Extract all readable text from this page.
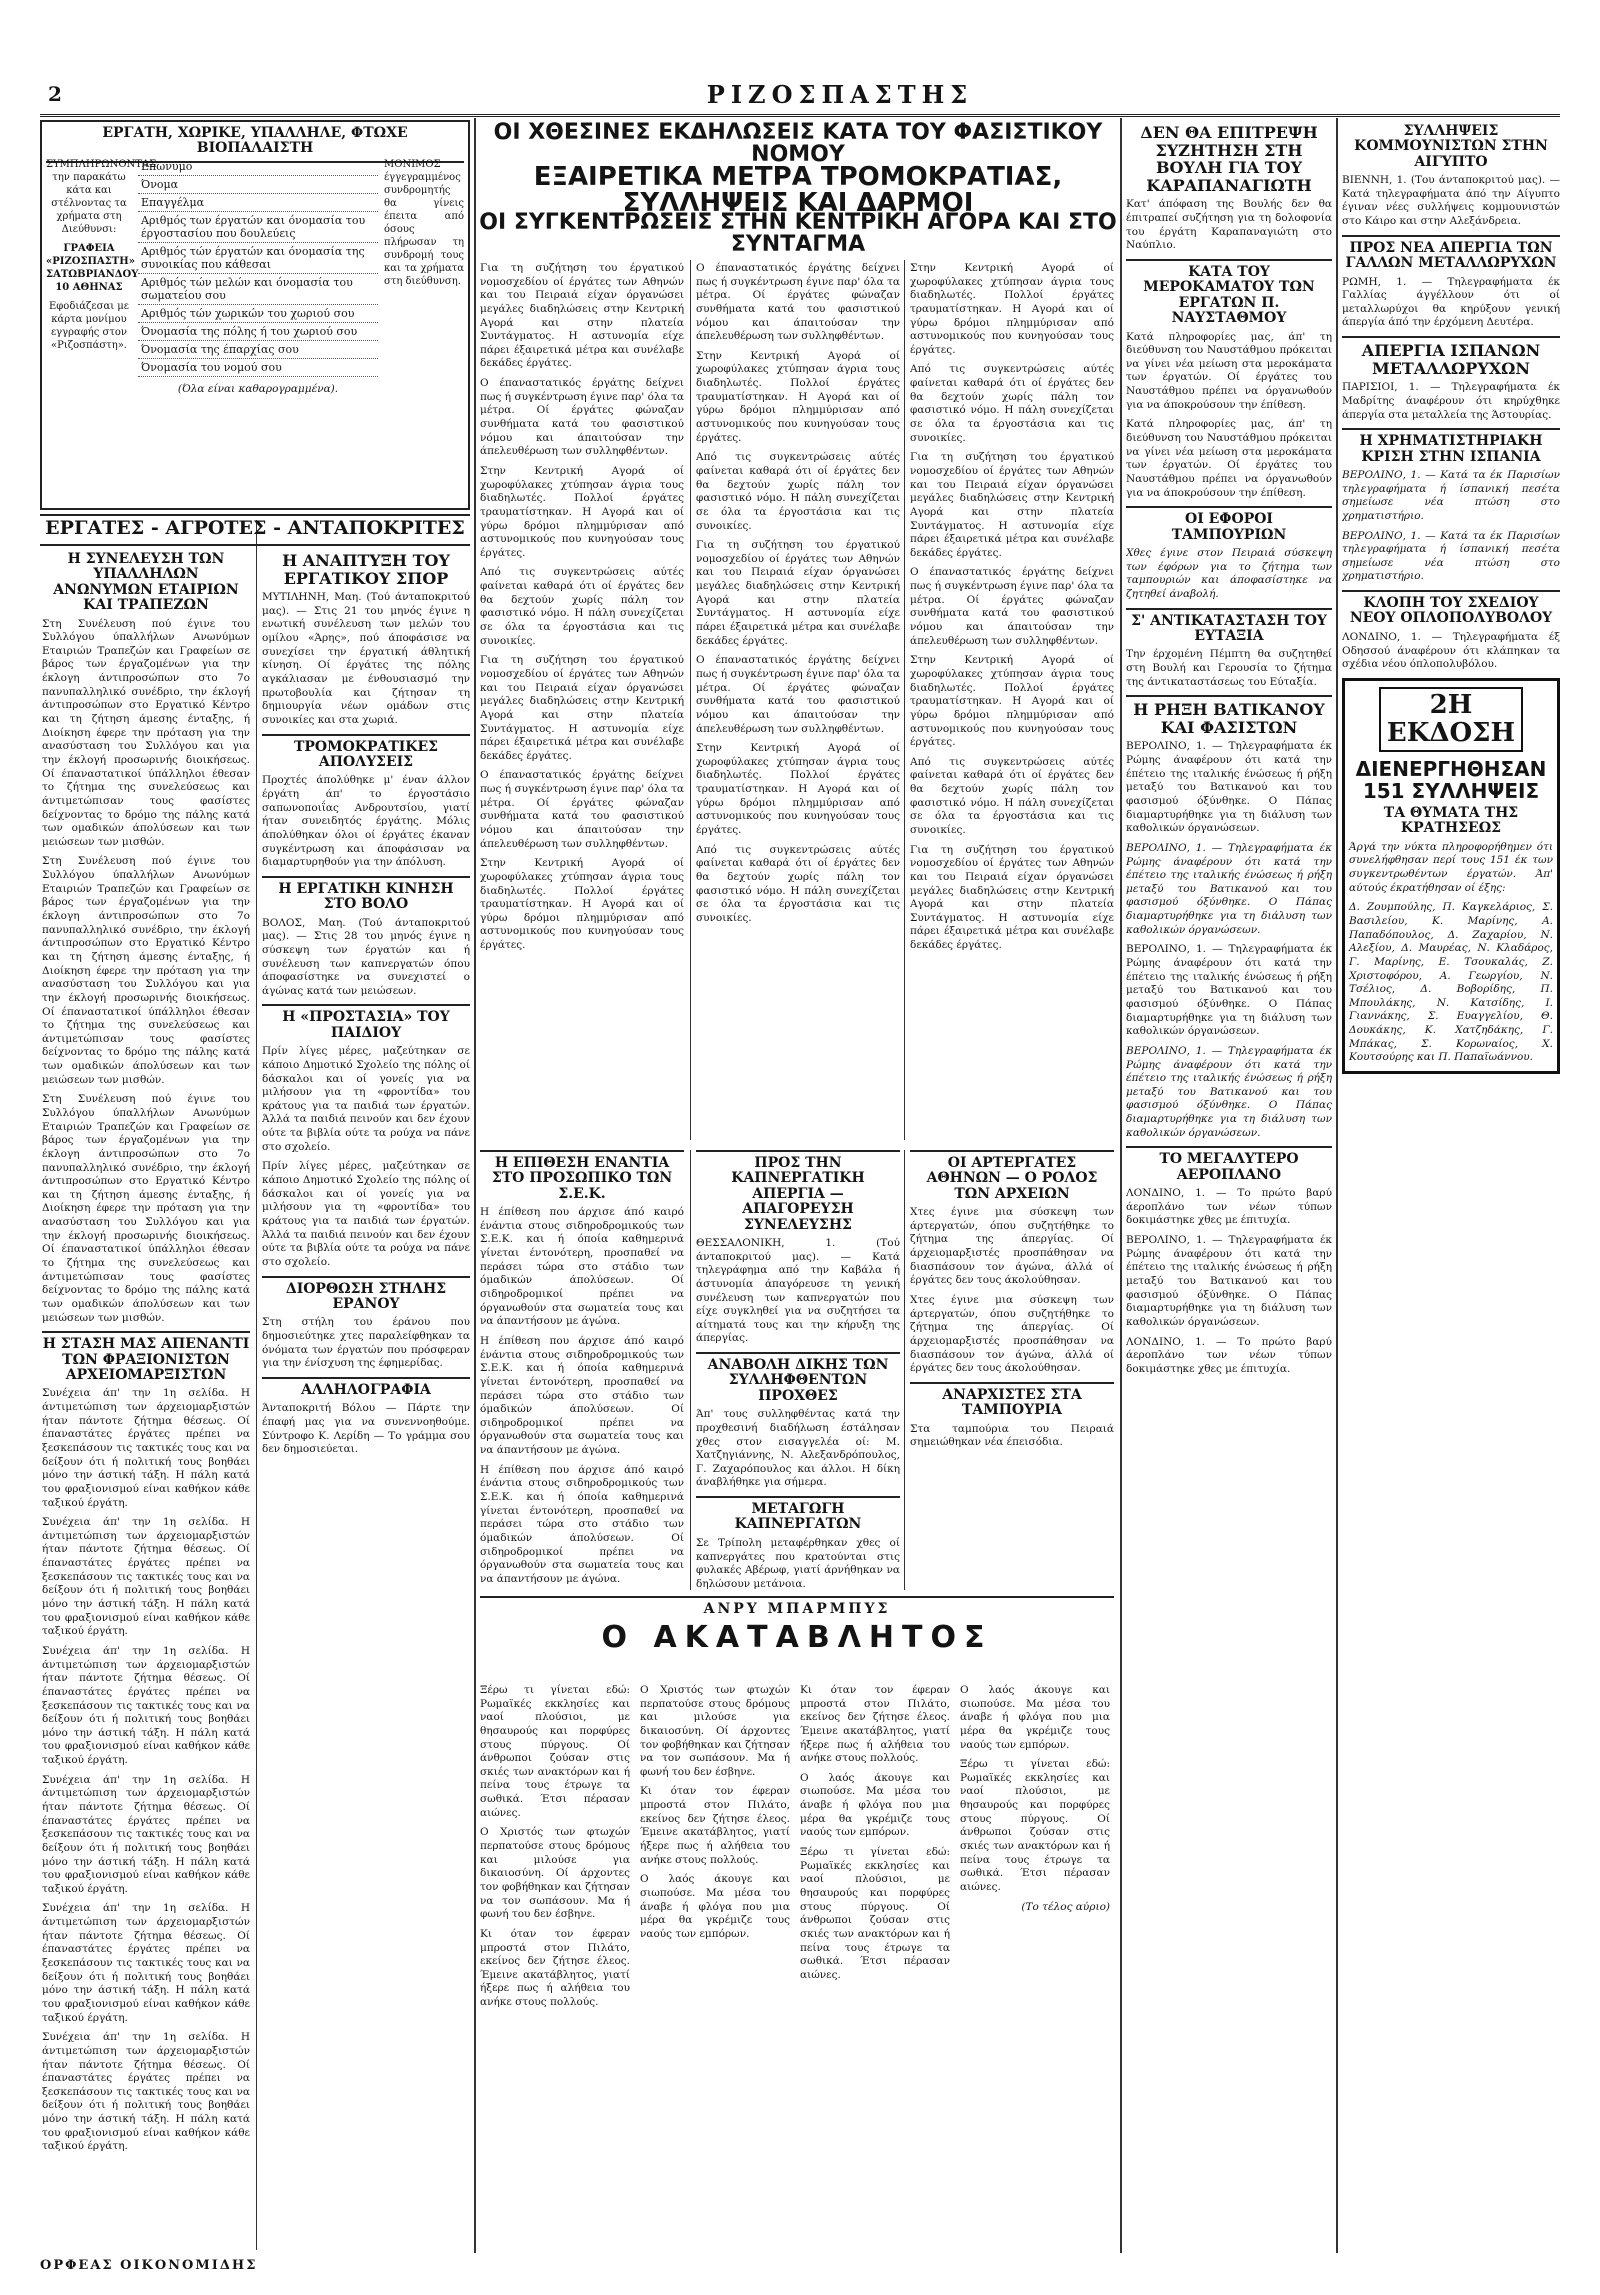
2	ΡΙΖΟΣΠΑΣΤΗΣ
ΕΡΓΑΤΗ, ΧΩΡΙΚΕ, ΥΠΑΛΛΗΛΕ, ΦΤΩΧΕ ΒΙΟΠΑΛΑΙΣΤΗ
ΣΥΜΠΛΗΡΩΝΟΝΤΑΣ την παρακάτω κάτα και στέλνοντας τα χρήματα στη Διεύθυνσι:
ΓΡΑΦΕΙΑ «ΡΙΖΟΣΠΑΣΤΗ» ΣΑΤΩΒΡΙΑΝΔΟΥ 10 ΑΘΗΝΑΣ
Εφοδιάζεσαι με κάρτα μονίμου εγγραφής στον «Ριζοσπάστη».
Επώνυμο
Όνομα
Επαγγέλμα
Αριθμός των έργατών και όνομασία του έργοστασίου που δουλεύεις
Αριθμός τών έργατών και όνομασία της συνοικίας που κάθεσαι
Αριθμός τών μελών και όνομασία του σωματείου σου
Αριθμός τών χωρικών του χωριού σου
Όνομασία της πόλης ή του χωριού σου
Όνομασία της έπαρχίας σου
Όνομασία του νομού σου
(Όλα είναι καθαρογραμμένα).
ΜΟΝΙΜΟΣ έγγεγραμμένος συνδρομητής θα γίνεις έπειτα από όσους πλήρωσαν τη συνδρομή τους και τα χρήματα στη διεύθυνση.
ΕΡΓΑΤΕΣ - ΑΓΡΟΤΕΣ - ΑΝΤΑΠΟΚΡΙΤΕΣ
Η ΣΥΝΕΛΕΥΣΗ ΤΩΝ ΥΠΑΛΛΗΛΩΝ ΑΝΩΝΥΜΩΝ ΕΤΑΙΡΙΩΝ ΚΑΙ ΤΡΑΠΕΖΩΝ
Στη Συνέλευση πού έγινε του Συλλόγου ύπαλλήλων Ανωνύμων Εταιριών Τραπεζών και Γραφείων σε βάρος των έργαζομένων για την έκλογη άντιπροσώπων στο 7ο πανυπαλληλικό συνέδριο, την έκλογή άντιπροσώπων στο Εργατικό Κέντρο και τη ζήτηση άμεσης ένταξης, ή Διοίκηση έφερε την πρόταση για την ανασύσταση του Συλλόγου και για την έκλογή προσωρινής διοικήσεως. Οί έπαναστατικοί ύπάλληλοι έθεσαν το ζήτημα της συνελεύσεως και άντιμετώπισαν τους φασίστες δείχνοντας το δρόμο της πάλης κατά των ομαδικών άπολύσεων και των μειώσεων των μισθών.
Στη Συνέλευση πού έγινε του Συλλόγου ύπαλλήλων Ανωνύμων Εταιριών Τραπεζών και Γραφείων σε βάρος των έργαζομένων για την έκλογη άντιπροσώπων στο 7ο πανυπαλληλικό συνέδριο, την έκλογή άντιπροσώπων στο Εργατικό Κέντρο και τη ζήτηση άμεσης ένταξης, ή Διοίκηση έφερε την πρόταση για την ανασύσταση του Συλλόγου και για την έκλογή προσωρινής διοικήσεως. Οί έπαναστατικοί ύπάλληλοι έθεσαν το ζήτημα της συνελεύσεως και άντιμετώπισαν τους φασίστες δείχνοντας το δρόμο της πάλης κατά των ομαδικών άπολύσεων και των μειώσεων των μισθών.
Στη Συνέλευση πού έγινε του Συλλόγου ύπαλλήλων Ανωνύμων Εταιριών Τραπεζών και Γραφείων σε βάρος των έργαζομένων για την έκλογη άντιπροσώπων στο 7ο πανυπαλληλικό συνέδριο, την έκλογή άντιπροσώπων στο Εργατικό Κέντρο και τη ζήτηση άμεσης ένταξης, ή Διοίκηση έφερε την πρόταση για την ανασύσταση του Συλλόγου και για την έκλογή προσωρινής διοικήσεως. Οί έπαναστατικοί ύπάλληλοι έθεσαν το ζήτημα της συνελεύσεως και άντιμετώπισαν τους φασίστες δείχνοντας το δρόμο της πάλης κατά των ομαδικών άπολύσεων και των μειώσεων των μισθών.
Η ΣΤΑΣΗ ΜΑΣ ΑΠΕΝΑΝΤΙ ΤΩΝ ΦΡΑΞΙΟΝΙΣΤΩΝ ΑΡΧΕΙΟΜΑΡΞΙΣΤΩΝ
Συνέχεια άπ' την 1η σελίδα. Η άντιμετώπιση των άρχειομαρξιστών ήταν πάντοτε ζήτημα θέσεως. Οί έπαναστάτες έργάτες πρέπει να ξεσκεπάσουν τις τακτικές τους και να δείξουν ότι ή πολιτική τους βοηθάει μόνο την άστική τάξη. Η πάλη κατά του φραξιονισμού είναι καθήκον κάθε ταξικού έργάτη.
Συνέχεια άπ' την 1η σελίδα. Η άντιμετώπιση των άρχειομαρξιστών ήταν πάντοτε ζήτημα θέσεως. Οί έπαναστάτες έργάτες πρέπει να ξεσκεπάσουν τις τακτικές τους και να δείξουν ότι ή πολιτική τους βοηθάει μόνο την άστική τάξη. Η πάλη κατά του φραξιονισμού είναι καθήκον κάθε ταξικού έργάτη.
Συνέχεια άπ' την 1η σελίδα. Η άντιμετώπιση των άρχειομαρξιστών ήταν πάντοτε ζήτημα θέσεως. Οί έπαναστάτες έργάτες πρέπει να ξεσκεπάσουν τις τακτικές τους και να δείξουν ότι ή πολιτική τους βοηθάει μόνο την άστική τάξη. Η πάλη κατά του φραξιονισμού είναι καθήκον κάθε ταξικού έργάτη.
Συνέχεια άπ' την 1η σελίδα. Η άντιμετώπιση των άρχειομαρξιστών ήταν πάντοτε ζήτημα θέσεως. Οί έπαναστάτες έργάτες πρέπει να ξεσκεπάσουν τις τακτικές τους και να δείξουν ότι ή πολιτική τους βοηθάει μόνο την άστική τάξη. Η πάλη κατά του φραξιονισμού είναι καθήκον κάθε ταξικού έργάτη.
Συνέχεια άπ' την 1η σελίδα. Η άντιμετώπιση των άρχειομαρξιστών ήταν πάντοτε ζήτημα θέσεως. Οί έπαναστάτες έργάτες πρέπει να ξεσκεπάσουν τις τακτικές τους και να δείξουν ότι ή πολιτική τους βοηθάει μόνο την άστική τάξη. Η πάλη κατά του φραξιονισμού είναι καθήκον κάθε ταξικού έργάτη.
Συνέχεια άπ' την 1η σελίδα. Η άντιμετώπιση των άρχειομαρξιστών ήταν πάντοτε ζήτημα θέσεως. Οί έπαναστάτες έργάτες πρέπει να ξεσκεπάσουν τις τακτικές τους και να δείξουν ότι ή πολιτική τους βοηθάει μόνο την άστική τάξη. Η πάλη κατά του φραξιονισμού είναι καθήκον κάθε ταξικού έργάτη.
Η ΑΝΑΠΤΥΞΗ ΤΟΥ ΕΡΓΑΤΙΚΟΥ ΣΠΟΡ
ΜΥΤΙΛΗΝΗ, Μαη. (Τού άνταποκριτού μας). — Στις 21 του μηνός έγινε η ενωτική συνέλευση των μελών του ομίλου «Άρης», πού άποφάσισε να συνεχίσει την έργατική άθλητική κίνηση. Οί έργάτες της πόλης αγκάλιασαν με ένθουσιασμό την πρωτοβουλία και ζήτησαν τη δημιουργία νέων ομάδων στις συνοικίες και στα χωριά.
ΤΡΟΜΟΚΡΑΤΙΚΕΣ ΑΠΟΛΥΣΕΙΣ
Προχτές άπολύθηκε μ' έναν άλλον έργάτη άπ' το έργοστάσιο σαπωνοποιΐας Ανδρουτσίου, γιατί ήταν συνειδητός έργάτης. Μόλις άπολύθηκαν όλοι οί έργάτες έκαναν συγκέντρωση και άποφάσισαν να διαμαρτυρηθούν για την άπόλυση.
Η ΕΡΓΑΤΙΚΗ ΚΙΝΗΣΗ ΣΤΟ ΒΟΛΟ
ΒΟΛΟΣ, Μαη. (Τού άνταποκριτού μας). — Στις 28 του μηνός έγινε η σύσκεψη των έργατών και ή συνέλευση των καπνεργατών όπου άποφασίστηκε να συνεχιστεί ο άγώνας κατά των μειώσεων.
Η «ΠΡΟΣΤΑΣΙΑ» ΤΟΥ ΠΑΙΔΙΟΥ
Πρίν λίγες μέρες, μαζεύτηκαν σε κάποιο Δημοτικό Σχολείο της πόλης οί δάσκαλοι και οί γονείς για να μιλήσουν για τη «φροντίδα» του κράτους για τα παιδιά των έργατών. Άλλά τα παιδιά πεινούν και δεν έχουν ούτε τα βιβλία ούτε τα ρούχα να πάνε στο σχολείο.
Πρίν λίγες μέρες, μαζεύτηκαν σε κάποιο Δημοτικό Σχολείο της πόλης οί δάσκαλοι και οί γονείς για να μιλήσουν για τη «φροντίδα» του κράτους για τα παιδιά των έργατών. Άλλά τα παιδιά πεινούν και δεν έχουν ούτε τα βιβλία ούτε τα ρούχα να πάνε στο σχολείο.
ΔΙΟΡΘΩΣΗ ΣΤΗΛΗΣ ΕΡΑΝΟΥ
Στη στήλη του έράνου που δημοσιεύτηκε χτες παραλείφθηκαν τα όνόματα των έργατών που πρόσφεραν για την ένίσχυση της έφημερίδας.
ΑΛΛΗΛΟΓΡΑΦΙΑ
Άνταποκριτή Βόλου — Πάρτε την έπαφή μας για να συνεννοηθούμε. Σύντροφο Κ. Λερίδη — Το γράμμα σου δεν δημοσιεύεται.
ΟΙ ΧΘΕΣΙΝΕΣ ΕΚΔΗΛΩΣΕΙΣ ΚΑΤΑ ΤΟΥ ΦΑΣΙΣΤΙΚΟΥ ΝΟΜΟΥ
ΕΞΑΙΡΕΤΙΚΑ ΜΕΤΡΑ ΤΡΟΜΟΚΡΑΤΙΑΣ, ΣΥΛΛΗΨΕΙΣ ΚΑΙ ΔΑΡΜΟΙ
ΟΙ ΣΥΓΚΕΝΤΡΩΣΕΙΣ ΣΤΗΝ ΚΕΝΤΡΙΚΗ ΑΓΟΡΑ ΚΑΙ ΣΤΟ ΣΥΝΤΑΓΜΑ
Για τη συζήτηση του έργατικού νομοσχεδίου οί έργάτες των Αθηνών και του Πειραιά είχαν όργανώσει μεγάλες διαδηλώσεις στην Κεντρική Αγορά και στην πλατεία Συντάγματος. Η αστυνομία είχε πάρει έξαιρετικά μέτρα και συνέλαβε δεκάδες έργάτες.
Ο έπαναστατικός έργάτης δείχνει πως ή συγκέντρωση έγινε παρ' όλα τα μέτρα. Οί έργάτες φώναζαν συνθήματα κατά του φασιστικού νόμου και άπαιτούσαν την άπελευθέρωση των συλληφθέντων.
Στην Κεντρική Αγορά οί χωροφύλακες χτύπησαν άγρια τους διαδηλωτές. Πολλοί έργάτες τραυματίστηκαν. Η Αγορά και οί γύρω δρόμοι πλημμύρισαν από αστυνομικούς που κυνηγούσαν τους έργάτες.
Από τις συγκεντρώσεις αύτές φαίνεται καθαρά ότι οί έργάτες δεν θα δεχτούν χωρίς πάλη τον φασιστικό νόμο. Η πάλη συνεχίζεται σε όλα τα έργοστάσια και τις συνοικίες.
Για τη συζήτηση του έργατικού νομοσχεδίου οί έργάτες των Αθηνών και του Πειραιά είχαν όργανώσει μεγάλες διαδηλώσεις στην Κεντρική Αγορά και στην πλατεία Συντάγματος. Η αστυνομία είχε πάρει έξαιρετικά μέτρα και συνέλαβε δεκάδες έργάτες.
Ο έπαναστατικός έργάτης δείχνει πως ή συγκέντρωση έγινε παρ' όλα τα μέτρα. Οί έργάτες φώναζαν συνθήματα κατά του φασιστικού νόμου και άπαιτούσαν την άπελευθέρωση των συλληφθέντων.
Στην Κεντρική Αγορά οί χωροφύλακες χτύπησαν άγρια τους διαδηλωτές. Πολλοί έργάτες τραυματίστηκαν. Η Αγορά και οί γύρω δρόμοι πλημμύρισαν από αστυνομικούς που κυνηγούσαν τους έργάτες.
Ο έπαναστατικός έργάτης δείχνει πως ή συγκέντρωση έγινε παρ' όλα τα μέτρα. Οί έργάτες φώναζαν συνθήματα κατά του φασιστικού νόμου και άπαιτούσαν την άπελευθέρωση των συλληφθέντων.
Στην Κεντρική Αγορά οί χωροφύλακες χτύπησαν άγρια τους διαδηλωτές. Πολλοί έργάτες τραυματίστηκαν. Η Αγορά και οί γύρω δρόμοι πλημμύρισαν από αστυνομικούς που κυνηγούσαν τους έργάτες.
Από τις συγκεντρώσεις αύτές φαίνεται καθαρά ότι οί έργάτες δεν θα δεχτούν χωρίς πάλη τον φασιστικό νόμο. Η πάλη συνεχίζεται σε όλα τα έργοστάσια και τις συνοικίες.
Για τη συζήτηση του έργατικού νομοσχεδίου οί έργάτες των Αθηνών και του Πειραιά είχαν όργανώσει μεγάλες διαδηλώσεις στην Κεντρική Αγορά και στην πλατεία Συντάγματος. Η αστυνομία είχε πάρει έξαιρετικά μέτρα και συνέλαβε δεκάδες έργάτες.
Ο έπαναστατικός έργάτης δείχνει πως ή συγκέντρωση έγινε παρ' όλα τα μέτρα. Οί έργάτες φώναζαν συνθήματα κατά του φασιστικού νόμου και άπαιτούσαν την άπελευθέρωση των συλληφθέντων.
Στην Κεντρική Αγορά οί χωροφύλακες χτύπησαν άγρια τους διαδηλωτές. Πολλοί έργάτες τραυματίστηκαν. Η Αγορά και οί γύρω δρόμοι πλημμύρισαν από αστυνομικούς που κυνηγούσαν τους έργάτες.
Από τις συγκεντρώσεις αύτές φαίνεται καθαρά ότι οί έργάτες δεν θα δεχτούν χωρίς πάλη τον φασιστικό νόμο. Η πάλη συνεχίζεται σε όλα τα έργοστάσια και τις συνοικίες.
Στην Κεντρική Αγορά οί χωροφύλακες χτύπησαν άγρια τους διαδηλωτές. Πολλοί έργάτες τραυματίστηκαν. Η Αγορά και οί γύρω δρόμοι πλημμύρισαν από αστυνομικούς που κυνηγούσαν τους έργάτες.
Από τις συγκεντρώσεις αύτές φαίνεται καθαρά ότι οί έργάτες δεν θα δεχτούν χωρίς πάλη τον φασιστικό νόμο. Η πάλη συνεχίζεται σε όλα τα έργοστάσια και τις συνοικίες.
Για τη συζήτηση του έργατικού νομοσχεδίου οί έργάτες των Αθηνών και του Πειραιά είχαν όργανώσει μεγάλες διαδηλώσεις στην Κεντρική Αγορά και στην πλατεία Συντάγματος. Η αστυνομία είχε πάρει έξαιρετικά μέτρα και συνέλαβε δεκάδες έργάτες.
Ο έπαναστατικός έργάτης δείχνει πως ή συγκέντρωση έγινε παρ' όλα τα μέτρα. Οί έργάτες φώναζαν συνθήματα κατά του φασιστικού νόμου και άπαιτούσαν την άπελευθέρωση των συλληφθέντων.
Στην Κεντρική Αγορά οί χωροφύλακες χτύπησαν άγρια τους διαδηλωτές. Πολλοί έργάτες τραυματίστηκαν. Η Αγορά και οί γύρω δρόμοι πλημμύρισαν από αστυνομικούς που κυνηγούσαν τους έργάτες.
Από τις συγκεντρώσεις αύτές φαίνεται καθαρά ότι οί έργάτες δεν θα δεχτούν χωρίς πάλη τον φασιστικό νόμο. Η πάλη συνεχίζεται σε όλα τα έργοστάσια και τις συνοικίες.
Για τη συζήτηση του έργατικού νομοσχεδίου οί έργάτες των Αθηνών και του Πειραιά είχαν όργανώσει μεγάλες διαδηλώσεις στην Κεντρική Αγορά και στην πλατεία Συντάγματος. Η αστυνομία είχε πάρει έξαιρετικά μέτρα και συνέλαβε δεκάδες έργάτες.
Η ΕΠΙΘΕΣΗ ΕΝΑΝΤΙΑ ΣΤΟ ΠΡΟΣΩΠΙΚΟ ΤΩΝ Σ.Ε.Κ.
Η έπίθεση που άρχισε άπό καιρό ένάντια στους σιδηροδρομικούς των Σ.Ε.Κ. και ή όποία καθημερινά γίνεται έντονότερη, προσπαθεί να περάσει τώρα στο στάδιο των όμαδικών άπολύσεων. Οί σιδηροδρομικοί πρέπει να όργανωθούν στα σωματεία τους και να άπαντήσουν με άγώνα.
Η έπίθεση που άρχισε άπό καιρό ένάντια στους σιδηροδρομικούς των Σ.Ε.Κ. και ή όποία καθημερινά γίνεται έντονότερη, προσπαθεί να περάσει τώρα στο στάδιο των όμαδικών άπολύσεων. Οί σιδηροδρομικοί πρέπει να όργανωθούν στα σωματεία τους και να άπαντήσουν με άγώνα.
Η έπίθεση που άρχισε άπό καιρό ένάντια στους σιδηροδρομικούς των Σ.Ε.Κ. και ή όποία καθημερινά γίνεται έντονότερη, προσπαθεί να περάσει τώρα στο στάδιο των όμαδικών άπολύσεων. Οί σιδηροδρομικοί πρέπει να όργανωθούν στα σωματεία τους και να άπαντήσουν με άγώνα.
ΠΡΟΣ ΤΗΝ ΚΑΠΝΕΡΓΑΤΙΚΗ ΑΠΕΡΓΙΑ — ΑΠΑΓΟΡΕΥΣΗ ΣΥΝΕΛΕΥΣΗΣ
ΘΕΣΣΑΛΟΝΙΚΗ, 1. (Τού άνταποκριτού μας). — Κατά τηλεγράφημα από την Καβάλα ή άστυνομία άπαγόρευσε τη γενική συνέλευση των καπνεργατών που είχε συγκληθεί για να συζητήσει τα αίτηματά τους και την κήρυξη της άπεργίας.
ΑΝΑΒΟΛΗ ΔΙΚΗΣ ΤΩΝ ΣΥΛΛΗΦΘΕΝΤΩΝ ΠΡΟΧΘΕΣ
Άπ' τους συλληφθέντας κατά την προχθεσινή διαδήλωση έστάλησαν χθες στον εισαγγελέα οί: Μ. Χατζηγιάννης, Ν. Αλεξανδρόπουλος, Γ. Ζαχαρόπουλος και άλλοι. Η δίκη άναβλήθηκε για σήμερα.
ΜΕΤΑΓΩΓΗ ΚΑΠΝΕΡΓΑΤΩΝ
Σε Τρίπολη μεταφέρθηκαν χθες οί καπνεργάτες που κρατούνται στις φυλακές Αβέρωφ, γιατί άρνήθηκαν να δηλώσουν μετάνοια.
ΟΙ ΑΡΤΕΡΓΑΤΕΣ ΑΘΗΝΩΝ — Ο ΡΟΛΟΣ ΤΩΝ ΑΡΧΕΙΩΝ
Χτες έγινε μια σύσκεψη των άρτεργατών, όπου συζητήθηκε το ζήτημα της άπεργίας. Οί άρχειομαρξιστές προσπάθησαν να διασπάσουν τον άγώνα, άλλά οί έργάτες δεν τους άκολούθησαν.
Χτες έγινε μια σύσκεψη των άρτεργατών, όπου συζητήθηκε το ζήτημα της άπεργίας. Οί άρχειομαρξιστές προσπάθησαν να διασπάσουν τον άγώνα, άλλά οί έργάτες δεν τους άκολούθησαν.
ΑΝΑΡΧΙΣΤΕΣ ΣΤΑ ΤΑΜΠΟΥΡΙΑ
Στα ταμπούρια του Πειραιά σημειώθηκαν νέα έπεισόδια.
ΑΝΡΥ ΜΠΑΡΜΠΥΣ
Ο ΑΚΑΤΑΒΛΗΤΟΣ
Ξέρω τι γίνεται εδώ: Ρωμαϊκές εκκλησίες και ναοί πλούσιοι, με θησαυρούς και πορφύρες στους πύργους. Οί άνθρωποι ζούσαν στις σκιές των ανακτόρων και ή πείνα τους έτρωγε τα σωθικά. Έτσι πέρασαν αιώνες.
Ο Χριστός των φτωχών περπατούσε στους δρόμους και μιλούσε για δικαιοσύνη. Οί άρχοντες τον φοβήθηκαν και ζήτησαν να τον σωπάσουν. Μα ή φωνή του δεν έσβηνε.
Κι όταν τον έφεραν μπροστά στον Πιλάτο, εκείνος δεν ζήτησε έλεος. Έμεινε ακατάβλητος, γιατί ήξερε πως ή αλήθεια του ανήκε στους πολλούς.
Ο Χριστός των φτωχών περπατούσε στους δρόμους και μιλούσε για δικαιοσύνη. Οί άρχοντες τον φοβήθηκαν και ζήτησαν να τον σωπάσουν. Μα ή φωνή του δεν έσβηνε.
Κι όταν τον έφεραν μπροστά στον Πιλάτο, εκείνος δεν ζήτησε έλεος. Έμεινε ακατάβλητος, γιατί ήξερε πως ή αλήθεια του ανήκε στους πολλούς.
Ο λαός άκουγε και σιωπούσε. Μα μέσα του άναβε ή φλόγα που μια μέρα θα γκρέμιζε τους ναούς των εμπόρων.
Κι όταν τον έφεραν μπροστά στον Πιλάτο, εκείνος δεν ζήτησε έλεος. Έμεινε ακατάβλητος, γιατί ήξερε πως ή αλήθεια του ανήκε στους πολλούς.
Ο λαός άκουγε και σιωπούσε. Μα μέσα του άναβε ή φλόγα που μια μέρα θα γκρέμιζε τους ναούς των εμπόρων.
Ξέρω τι γίνεται εδώ: Ρωμαϊκές εκκλησίες και ναοί πλούσιοι, με θησαυρούς και πορφύρες στους πύργους. Οί άνθρωποι ζούσαν στις σκιές των ανακτόρων και ή πείνα τους έτρωγε τα σωθικά. Έτσι πέρασαν αιώνες.
Ο λαός άκουγε και σιωπούσε. Μα μέσα του άναβε ή φλόγα που μια μέρα θα γκρέμιζε τους ναούς των εμπόρων.
Ξέρω τι γίνεται εδώ: Ρωμαϊκές εκκλησίες και ναοί πλούσιοι, με θησαυρούς και πορφύρες στους πύργους. Οί άνθρωποι ζούσαν στις σκιές των ανακτόρων και ή πείνα τους έτρωγε τα σωθικά. Έτσι πέρασαν αιώνες.
(Το τέλος αύριο)
ΔΕΝ ΘΑ ΕΠΙΤΡΕΨΗ ΣΥΖΗΤΗΣΗ ΣΤΗ ΒΟΥΛΗ ΓΙΑ ΤΟΥ ΚΑΡΑΠΑΝΑΓΙΩΤΗ
Κατ' άπόφαση της Βουλής δεν θα έπιτραπεί συζήτηση για τη δολοφονία του έργάτη Καραπαναγιώτη στο Ναύπλιο.
ΚΑΤΑ ΤΟΥ ΜΕΡΟΚΑΜΑΤΟΥ ΤΩΝ ΕΡΓΑΤΩΝ Π. ΝΑΥΣΤΑΘΜΟΥ
Κατά πληροφορίες μας, άπ' τη διεύθυνση του Ναυστάθμου πρόκειται να γίνει νέα μείωση στα μεροκάματα των έργατών. Οί έργάτες του Ναυστάθμου πρέπει να όργανωθούν για να άποκρούσουν την έπίθεση.
Κατά πληροφορίες μας, άπ' τη διεύθυνση του Ναυστάθμου πρόκειται να γίνει νέα μείωση στα μεροκάματα των έργατών. Οί έργάτες του Ναυστάθμου πρέπει να όργανωθούν για να άποκρούσουν την έπίθεση.
ΟΙ ΕΦΟΡΟΙ ΤΑΜΠΟΥΡΙΩΝ
Χθες έγινε στον Πειραιά σύσκεψη των έφόρων για το ζήτημα των ταμπουριών και άποφασίστηκε να ζητηθεί άναβολή.
Σ' ΑΝΤΙΚΑΤΑΣΤΑΣΗ ΤΟΥ ΕΥΤΑΞΙΑ
Την έρχομένη Πέμπτη θα συζητηθεί στη Βουλή και Γερουσία το ζήτημα της άντικαταστάσεως του Εύταξία.
Η ΡΗΞΗ ΒΑΤΙΚΑΝΟΥ ΚΑΙ ΦΑΣΙΣΤΩΝ
ΒΕΡΟΛΙΝΟ, 1. — Τηλεγραφήματα έκ Ρώμης άναφέρουν ότι κατά την έπέτειο της ιταλικής ένώσεως ή ρήξη μεταξύ του Βατικανού και του φασισμού όξύνθηκε. Ο Πάπας διαμαρτυρήθηκε για τη διάλυση των καθολικών όργανώσεων.
ΒΕΡΟΛΙΝΟ, 1. — Τηλεγραφήματα έκ Ρώμης άναφέρουν ότι κατά την έπέτειο της ιταλικής ένώσεως ή ρήξη μεταξύ του Βατικανού και του φασισμού όξύνθηκε. Ο Πάπας διαμαρτυρήθηκε για τη διάλυση των καθολικών όργανώσεων.
ΒΕΡΟΛΙΝΟ, 1. — Τηλεγραφήματα έκ Ρώμης άναφέρουν ότι κατά την έπέτειο της ιταλικής ένώσεως ή ρήξη μεταξύ του Βατικανού και του φασισμού όξύνθηκε. Ο Πάπας διαμαρτυρήθηκε για τη διάλυση των καθολικών όργανώσεων.
ΒΕΡΟΛΙΝΟ, 1. — Τηλεγραφήματα έκ Ρώμης άναφέρουν ότι κατά την έπέτειο της ιταλικής ένώσεως ή ρήξη μεταξύ του Βατικανού και του φασισμού όξύνθηκε. Ο Πάπας διαμαρτυρήθηκε για τη διάλυση των καθολικών όργανώσεων.
ΤΟ ΜΕΓΑΛΥΤΕΡΟ ΑΕΡΟΠΛΑΝΟ
ΛΟΝΔΙΝΟ, 1. — Το πρώτο βαρύ άεροπλάνο των νέων τύπων δοκιμάστηκε χθες με έπιτυχία.
ΒΕΡΟΛΙΝΟ, 1. — Τηλεγραφήματα έκ Ρώμης άναφέρουν ότι κατά την έπέτειο της ιταλικής ένώσεως ή ρήξη μεταξύ του Βατικανού και του φασισμού όξύνθηκε. Ο Πάπας διαμαρτυρήθηκε για τη διάλυση των καθολικών όργανώσεων.
ΛΟΝΔΙΝΟ, 1. — Το πρώτο βαρύ άεροπλάνο των νέων τύπων δοκιμάστηκε χθες με έπιτυχία.
ΣΥΛΛΗΨΕΙΣ ΚΟΜΜΟΥΝΙΣΤΩΝ ΣΤΗΝ ΑΙΓΥΠΤΟ
ΒΙΕΝΝΗ, 1. (Του άνταποκριτού μας). — Κατά τηλεγραφήματα άπό την Αίγυπτο έγιναν νέες συλλήψεις κομμουνιστών στο Κάιρο και στην Αλεξάνδρεια.
ΠΡΟΣ ΝΕΑ ΑΠΕΡΓΙΑ ΤΩΝ ΓΑΛΛΩΝ ΜΕΤΑΛΛΩΡΥΧΩΝ
ΡΩΜΗ, 1. — Τηλεγραφήματα έκ Γαλλίας άγγέλλουν ότι οί μεταλλωρύχοι θα κηρύξουν γενική άπεργία άπό την έρχόμενη Δευτέρα.
ΑΠΕΡΓΙΑ ΙΣΠΑΝΩΝ ΜΕΤΑΛΛΩΡΥΧΩΝ
ΠΑΡΙΣΙΟΙ, 1. — Τηλεγραφήματα έκ Μαδρίτης άναφέρουν ότι κηρύχθηκε άπεργία στα μεταλλεία της Άστουρίας.
Η ΧΡΗΜΑΤΙΣΤΗΡΙΑΚΗ ΚΡΙΣΗ ΣΤΗΝ ΙΣΠΑΝΙΑ
ΒΕΡΟΛΙΝΟ, 1. — Κατά τα έκ Παρισίων τηλεγραφήματα ή ίσπανική πεσέτα σημείωσε νέα πτώση στο χρηματιστήριο.
ΒΕΡΟΛΙΝΟ, 1. — Κατά τα έκ Παρισίων τηλεγραφήματα ή ίσπανική πεσέτα σημείωσε νέα πτώση στο χρηματιστήριο.
ΚΛΟΠΗ ΤΟΥ ΣΧΕΔΙΟΥ ΝΕΟΥ ΟΠΛΟΠΟΛΥΒΟΛΟΥ
ΛΟΝΔΙΝΟ, 1. — Τηλεγραφήματα έξ Οδησσού άναφέρουν ότι κλάπηκαν τα σχέδια νέου όπλοπολυβόλου.
2Η ΕΚΔΟΣΗ
ΔΙΕΝΕΡΓΗΘΗΣΑΝ 151 ΣΥΛΛΗΨΕΙΣ
ΤΑ ΘΥΜΑΤΑ ΤΗΣ ΚΡΑΤΗΣΕΩΣ
Άργά την νύκτα πληροφορήθημεν ότι συνελήφθησαν περί τους 151 έκ των συγκεντρωθέντων έργατών. Άπ' αύτούς έκρατήθησαν οί έξης:
Δ. Ζουμπούλης, Π. Καγκελάριος, Σ. Βασιλείου, Κ. Μαρίνης, Α. Παπαδόπουλος, Δ. Ζαχαρίου, Ν. Αλεξίου, Δ. Μαυρέας, Ν. Κλαδάρος, Γ. Μαρίνης, Ε. Τσουκαλάς, Ζ. Χριστοφόρου, Α. Γεωργίου, Ν. Τσέλιος, Δ. Βοβορίδης, Π. Μπουλάκης, Ν. Κατσίδης, Ι. Γιαννάκης, Σ. Ευαγγελίου, Θ. Δουκάκης, Κ. Χατζηδάκης, Γ. Μπάκας, Σ. Κορωναίος, Χ. Κουτσούρης και Π. Παπαϊωάννου.
ΟΡΦΕΑΣ ΟΙΚΟΝΟΜΙΔΗΣ
